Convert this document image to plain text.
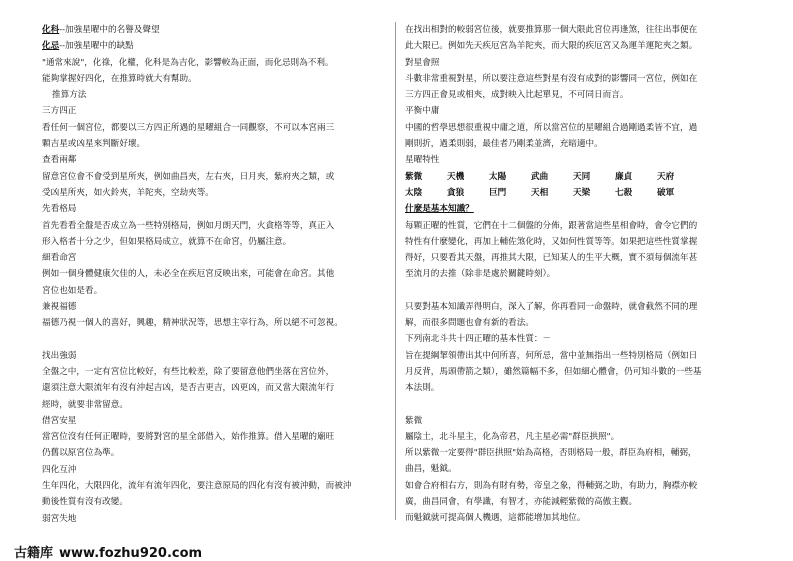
化科--加強星曜中的名譽及聲望
化忌--加強星曜中的缺點
"通常來說"，化祿，化權，化科是為吉化，影響較為正面，而化忌則為不利。
能夠掌握好四化，在推算時就大有幫助。
推算方法
三方四正
看任何一個宮位，都要以三方四正所遇的星曜組合一同觀察，不可以本宮兩三
顆吉星或凶星來判斷好壞。
查看兩鄰
留意宮位會不會受到星所夾，例如曲昌夾，左右夾，日月夾，紫府夾之類，或
受凶星所夾，如火鈴夾，羊陀夾，空劫夾等。
先看格局
首先看看全盤是否成立為一些特別格局，例如月朗天門，火貪格等等，真正入
形入格者十分之少，但如果格局成立，就算不在命宮，仍屬注意。
細看命宮
例如一個身體健康欠佳的人，未必全在疾厄宮反映出來，可能會在命宮。其他
宮位也如是看。
兼視福德
福德乃視一個人的喜好，興趣，精神狀況等，思想主宰行為，所以絕不可忽視。
找出強弱
全盤之中，一定有宮位比較好，有些比較差，除了要留意他們坐落在宮位外，
還須注意大限流年有沒有沖起吉凶，是否吉更吉，凶更凶，而又當大限流年行
經時，就要非常留意。
借宮安星
當宮位沒有任何正曜時，要將對宮的星全部借入，始作推算。借入星曜的廟旺
仍舊以原宮位為準。
四化互沖
生年四化，大限四化，流年有流年四化，要注意原局的四化有沒有被沖動，而被沖
動後性質有沒有改變。
弱宮失地
在找出相對的較弱宮位後，就要推算那一個大限此宮位再逢煞，往往出事便在
此大限已。例如先天疾厄宮為羊陀夾，而大限的疾厄宮又為運羊運陀夾之類。
對星會照
斗數非常重視對星，所以要注意這些對星有沒有成對的影響同一宮位，例如在
三方四正會見或相夾，成對映入比起單見，不可同日而言。
平衡中庸
中國的哲學思想很重視中庸之道，所以當宮位的星曜組合過剛過柔皆不宜，過
剛則折，過柔則弱，最佳者乃剛柔並濟，充暗適中。
星曜特性
紫微	天機	太陽	武曲	天同	廉貞	天府
太陰	貪狼	巨門	天相	天梁	七殺	破軍
什麼是基本知識？
每顆正曜的性質，它們在十二個盤的分佈，跟著當這些星相會時，會令它們的
特性有什麼變化，再加上輔佐煞化時，又如何性質等等。如果把這些性質掌握
得好，只要看其天盤，再推其大限，已知某人的生平大概，實不須每個流年甚
至流月的去推（除非是處於關鍵時刻）。
只要對基本知識弄得明白，深入了解，你再看同一命盤時，就會截然不同的理
解，而很多問題也會有新的看法。
下列南北斗共十四正曜的基本性質：－
旨在提綱挈領帶出其中何所喜，何所忌，當中並無指出一些特別格局（例如日
月反背，馬頭帶箭之類），雖然篇幅不多，但如細心體會，仍可知斗數的一些基
本法則。
紫微
屬陰土，北斗星主，化為帝君，凡主星必需"群臣拱照"。
所以紫微一定要得"群臣拱照"始為高格，否則格局一般，群臣為府相，輔弼，
曲昌，魁鉞。
如會合府相右方，則為有財有勢，帝皇之象，得輔弼之助，有助力，胸襟亦較
廣，曲昌同會，有學識，有智才，亦能減輕紫微的高傲主觀。
而魁鉞就可提高個人機遇，這都能增加其地位。
古籍库 www.fozhu920.com
